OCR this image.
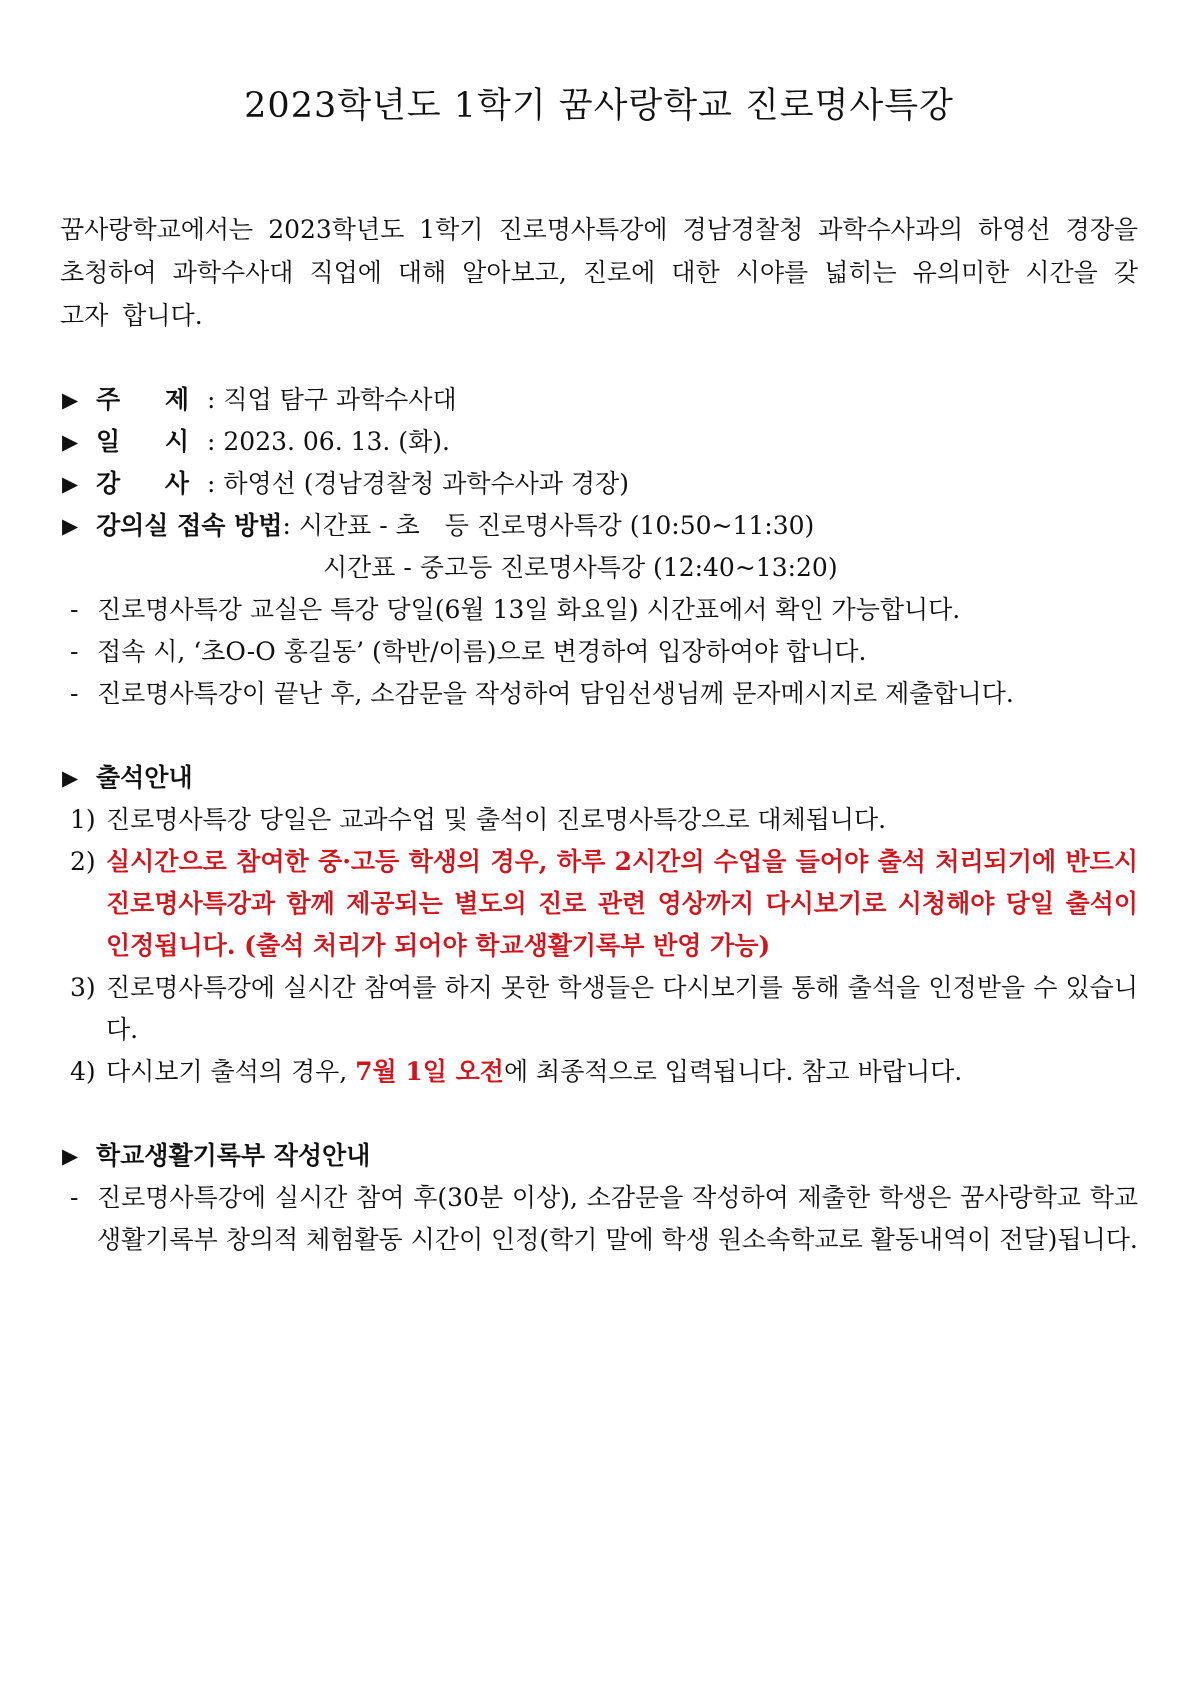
2023학년도 1학기 꿈사랑학교 진로명사특강

꿈사랑학교에서는 2023학년도 1학기 진로명사특강에 경남경찰청 과학수사과의 하영선 경장을 초청하여 과학수사대 직업에 대해 알아보고, 진로에 대한 시야를 넓히는 유의미한 시간을 갖고자 합니다.

▶ 주 제 : 직업 탐구 과학수사대
▶ 일 시 : 2023. 06. 13. (화).
▶ 강 사 : 하영선 (경남경찰청 과학수사과 경장)
▶ 강의실 접속 방법 : 시간표 - 초　등 진로명사특강 (10:50~11:30)
시간표 - 중고등 진로명사특강 (12:40~13:20)
- 진로명사특강 교실은 특강 당일(6월 13일 화요일) 시간표에서 확인 가능합니다.
- 접속 시, ‘초O-O 홍길동’ (학반/이름)으로 변경하여 입장하여야 합니다.
- 진로명사특강이 끝난 후, 소감문을 작성하여 담임선생님께 문자메시지로 제출합니다.
▶ 출석안내
1) 진로명사특강 당일은 교과수업 및 출석이 진로명사특강으로 대체됩니다.
2) 실시간으로 참여한 중·고등 학생의 경우, 하루 2시간의 수업을 들어야 출석 처리되기에 반드시 진로명사특강과 함께 제공되는 별도의 진로 관련 영상까지 다시보기로 시청해야 당일 출석이 인정됩니다. (출석 처리가 되어야 학교생활기록부 반영 가능)
3) 진로명사특강에 실시간 참여를 하지 못한 학생들은 다시보기를 통해 출석을 인정받을 수 있습니다.
4) 다시보기 출석의 경우, 7월 1일 오전에 최종적으로 입력됩니다. 참고 바랍니다.
▶ 학교생활기록부 작성안내
- 진로명사특강에 실시간 참여 후(30분 이상), 소감문을 작성하여 제출한 학생은 꿈사랑학교 학교생활기록부 창의적 체험활동 시간이 인정(학기 말에 학생 원소속학교로 활동내역이 전달)됩니다.
